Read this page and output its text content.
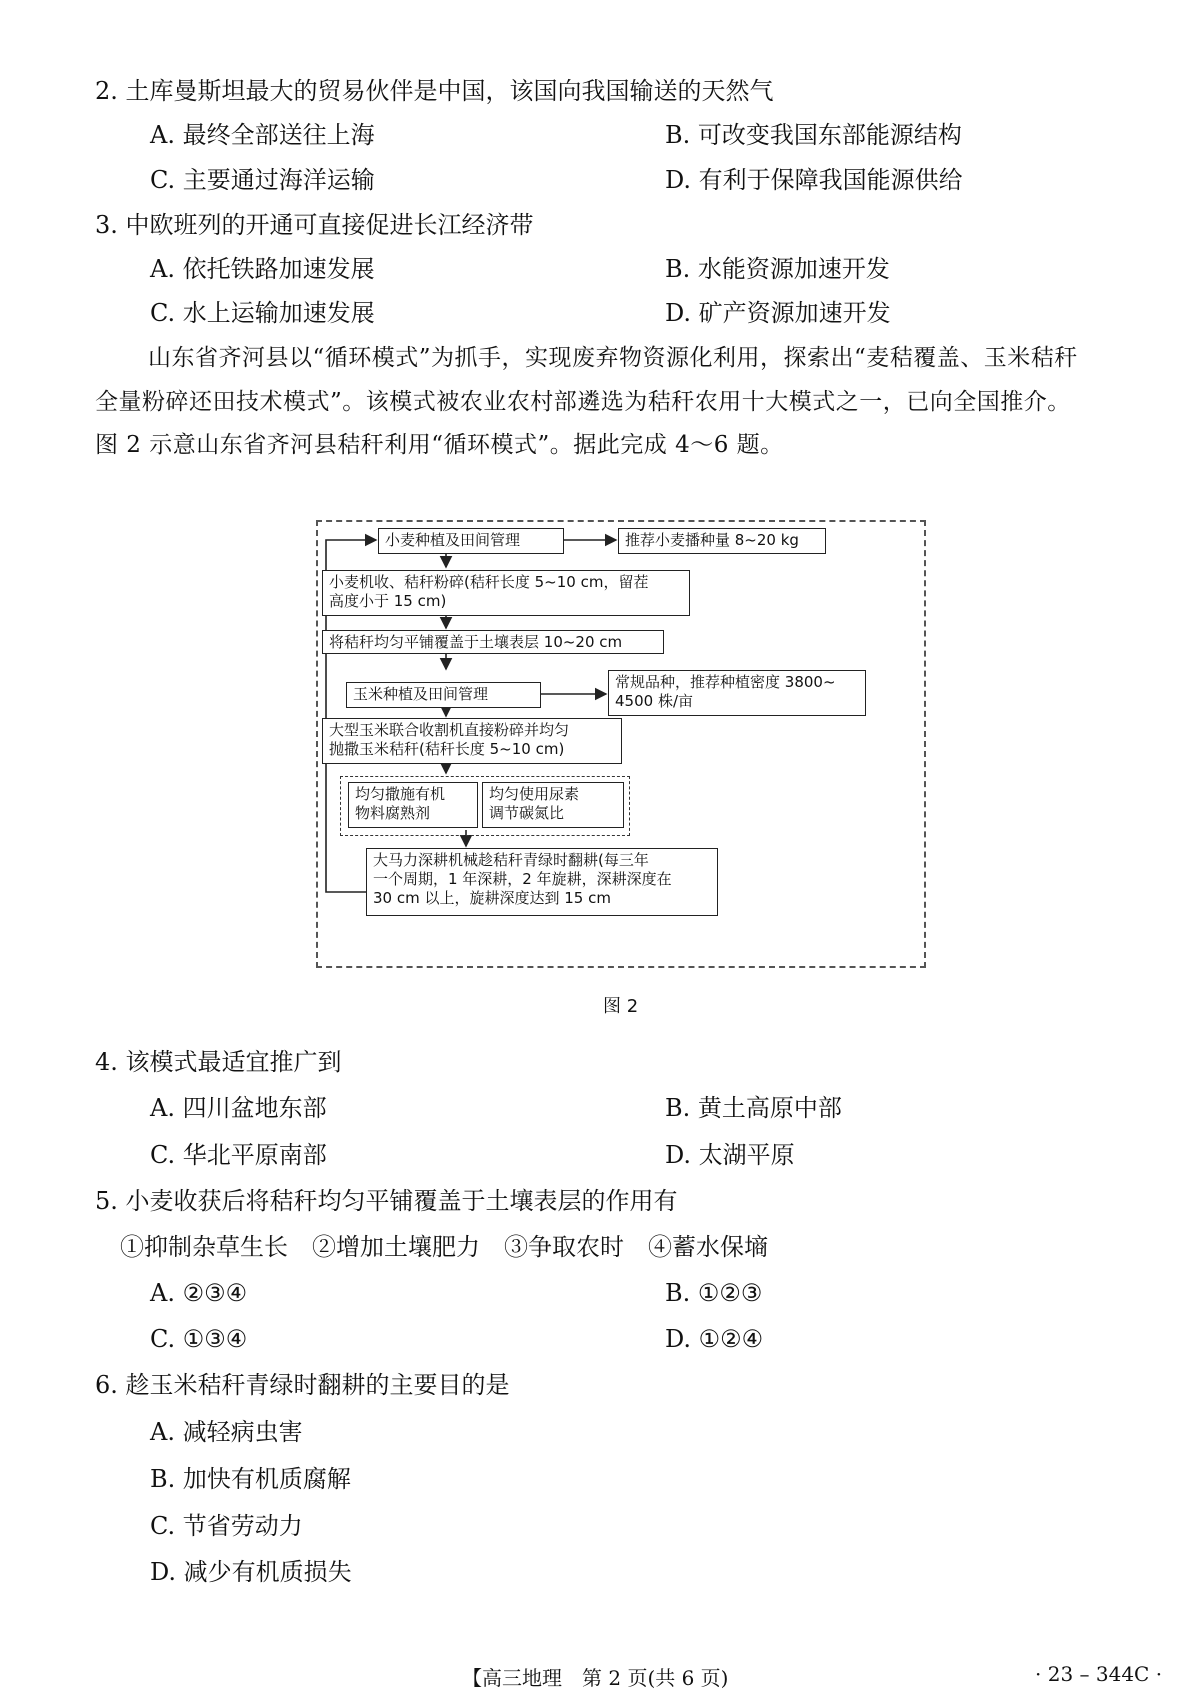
2. 土库曼斯坦最大的贸易伙伴是中国，该国向我国输送的天然气
A. 最终全部送往上海	B. 可改变我国东部能源结构
C. 主要通过海洋运输	D. 有利于保障我国能源供给
3. 中欧班列的开通可直接促进长江经济带
A. 依托铁路加速发展	B. 水能资源加速开发
C. 水上运输加速发展	D. 矿产资源加速开发
山东省齐河县以“循环模式”为抓手，实现废弃物资源化利用，探索出“麦秸覆盖、玉米秸秆
全量粉碎还田技术模式”。该模式被农业农村部遴选为秸秆农用十大模式之一，已向全国推介。
图 2 示意山东省齐河县秸秆利用“循环模式”。据此完成 4～6 题。
小麦种植及田间管理	推荐小麦播种量 8~20 kg
小麦机收、秸秆粉碎(秸秆长度 5~10 cm，留茬
高度小于 15 cm)
将秸秆均匀平铺覆盖于土壤表层 10~20 cm
玉米种植及田间管理
常规品种，推荐种植密度 3800~
4500 株/亩
大型玉米联合收割机直接粉碎并均匀
抛撒玉米秸秆(秸秆长度 5~10 cm)
均匀撒施有机
物料腐熟剂
均匀使用尿素
调节碳氮比
大马力深耕机械趁秸秆青绿时翻耕(每三年
一个周期，1 年深耕，2 年旋耕，深耕深度在
30 cm 以上，旋耕深度达到 15 cm
图 2
4. 该模式最适宜推广到
A. 四川盆地东部	B. 黄土高原中部
C. 华北平原南部	D. 太湖平原
5. 小麦收获后将秸秆均匀平铺覆盖于土壤表层的作用有
①抑制杂草生长　②增加土壤肥力　③争取农时　④蓄水保墒
A. ②③④	B. ①②③
C. ①③④	D. ①②④
6. 趁玉米秸秆青绿时翻耕的主要目的是
A. 减轻病虫害
B. 加快有机质腐解
C. 节省劳动力
D. 减少有机质损失
【高三地理　第 2 页(共 6 页)	· 23 – 344C ·
